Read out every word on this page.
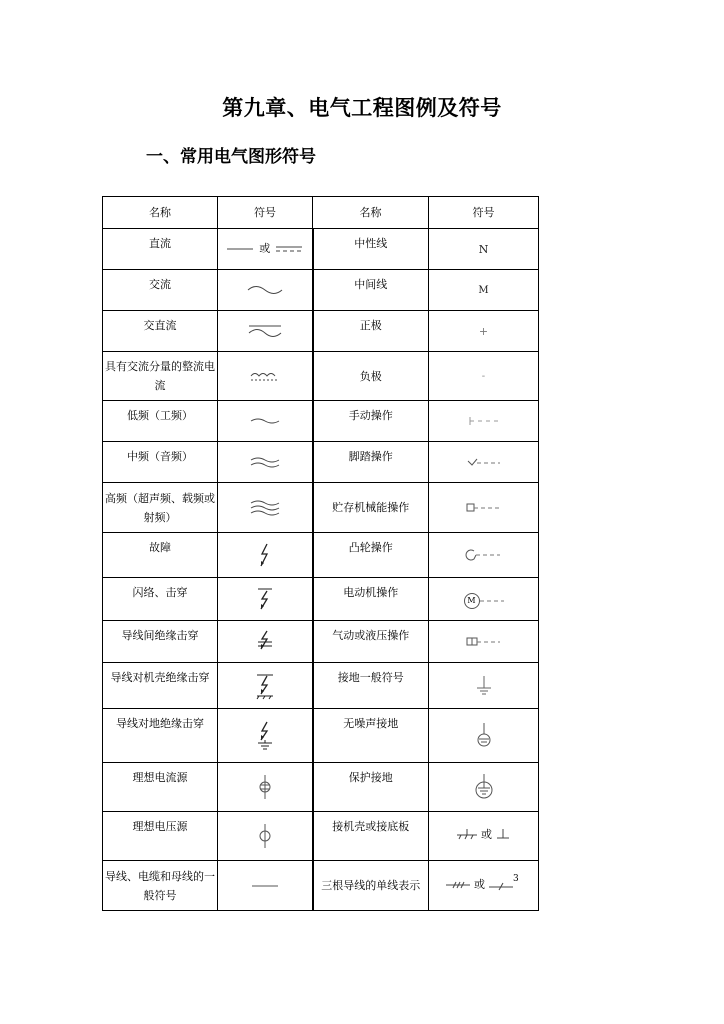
第九章、电气工程图例及符号
一、常用电气图形符号
名称	符号	名称	符号
直流	或	中性线	N
交流		中间线	M
交直流		正极	+
具有交流分量的整流电流		负极	-
低频（工频）		手动操作	

中频（音频）		脚踏操作	

高频（超声频、载频或射频）		贮存机械能操作	

故障		凸轮操作	

闪络、击穿		电动机操作	M

导线间绝缘击穿		气动或液压操作	

导线对机壳绝缘击穿		接地一般符号	

导线对地绝缘击穿		无噪声接地	

理想电流源		保护接地	

理想电压源		接机壳或接底板	或

导线、电缆和母线的一般符号		三根导线的单线表示	或 3
